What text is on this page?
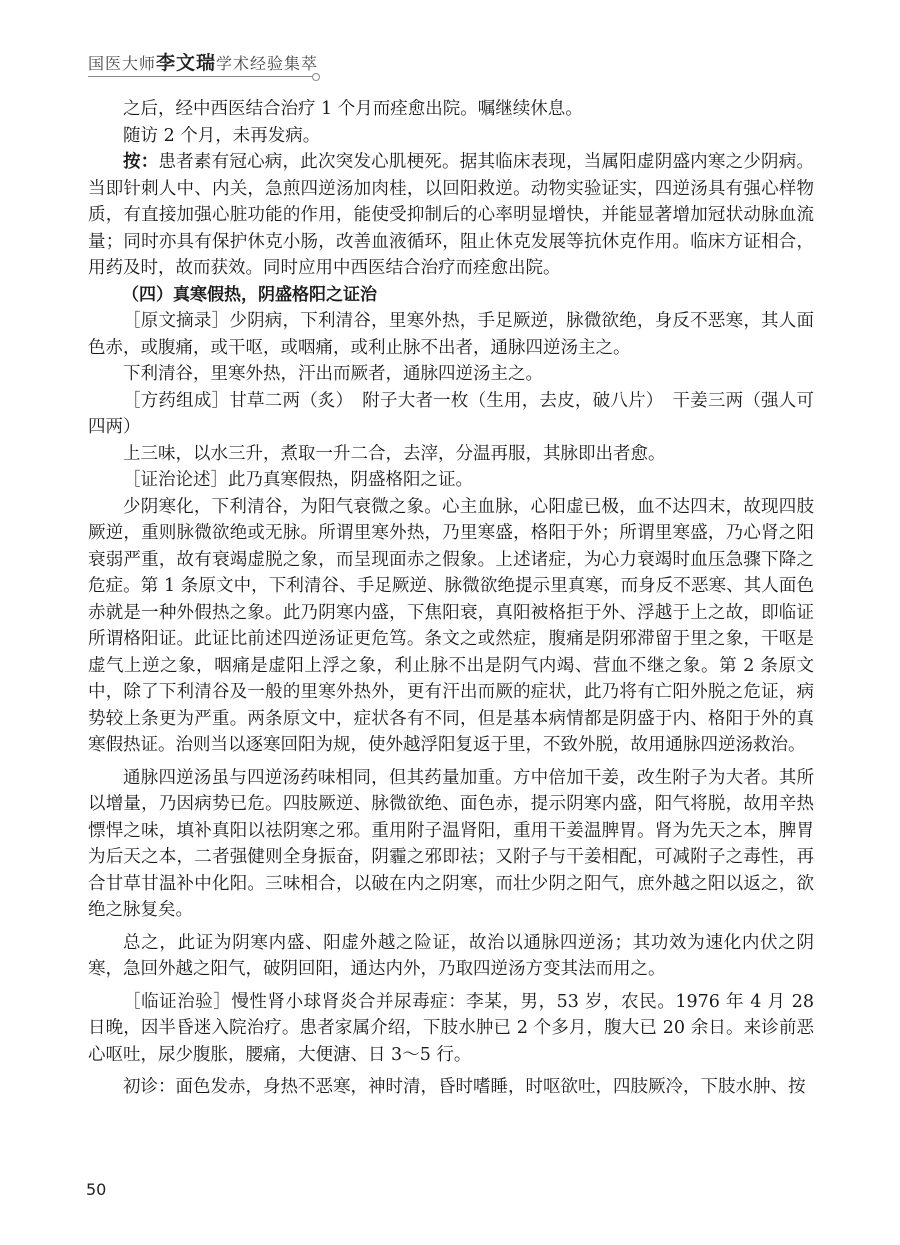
国医大师李文瑞学术经验集萃

之后，经中西医结合治疗 1 个月而痊愈出院。嘱继续休息。

随访 2 个月，未再发病。

按：患者素有冠心病，此次突发心肌梗死。据其临床表现，当属阳虚阴盛内寒之少阴病。当即针刺人中、内关，急煎四逆汤加肉桂，以回阳救逆。动物实验证实，四逆汤具有强心样物质，有直接加强心脏功能的作用，能使受抑制后的心率明显增快，并能显著增加冠状动脉血流量；同时亦具有保护休克小肠，改善血液循环，阻止休克发展等抗休克作用。临床方证相合，用药及时，故而获效。同时应用中西医结合治疗而痊愈出院。

（四）真寒假热，阴盛格阳之证治

［原文摘录］少阴病，下利清谷，里寒外热，手足厥逆，脉微欲绝，身反不恶寒，其人面色赤，或腹痛，或干呕，或咽痛，或利止脉不出者，通脉四逆汤主之。

下利清谷，里寒外热，汗出而厥者，通脉四逆汤主之。

［方药组成］甘草二两（炙）　附子大者一枚（生用，去皮，破八片）　干姜三两（强人可四两）

上三味，以水三升，煮取一升二合，去滓，分温再服，其脉即出者愈。

［证治论述］此乃真寒假热，阴盛格阳之证。

少阴寒化，下利清谷，为阳气衰微之象。心主血脉，心阳虚已极，血不达四末，故现四肢厥逆，重则脉微欲绝或无脉。所谓里寒外热，乃里寒盛，格阳于外；所谓里寒盛，乃心肾之阳衰弱严重，故有衰竭虚脱之象，而呈现面赤之假象。上述诸症，为心力衰竭时血压急骤下降之危症。第 1 条原文中，下利清谷、手足厥逆、脉微欲绝提示里真寒，而身反不恶寒、其人面色赤就是一种外假热之象。此乃阴寒内盛，下焦阳衰，真阳被格拒于外、浮越于上之故，即临证所谓格阳证。此证比前述四逆汤证更危笃。条文之或然症，腹痛是阴邪滞留于里之象，干呕是虚气上逆之象，咽痛是虚阳上浮之象，利止脉不出是阴气内竭、营血不继之象。第 2 条原文中，除了下利清谷及一般的里寒外热外，更有汗出而厥的症状，此乃将有亡阳外脱之危证，病势较上条更为严重。两条原文中，症状各有不同，但是基本病情都是阴盛于内、格阳于外的真寒假热证。治则当以逐寒回阳为规，使外越浮阳复返于里，不致外脱，故用通脉四逆汤救治。

通脉四逆汤虽与四逆汤药味相同，但其药量加重。方中倍加干姜，改生附子为大者。其所以增量，乃因病势已危。四肢厥逆、脉微欲绝、面色赤，提示阴寒内盛，阳气将脱，故用辛热慓悍之味，填补真阳以祛阴寒之邪。重用附子温肾阳，重用干姜温脾胃。肾为先天之本，脾胃为后天之本，二者强健则全身振奋，阴霾之邪即祛；又附子与干姜相配，可减附子之毒性，再合甘草甘温补中化阳。三味相合，以破在内之阴寒，而壮少阴之阳气，庶外越之阳以返之，欲绝之脉复矣。

总之，此证为阴寒内盛、阳虚外越之险证，故治以通脉四逆汤；其功效为速化内伏之阴寒，急回外越之阳气，破阴回阳，通达内外，乃取四逆汤方变其法而用之。

［临证治验］慢性肾小球肾炎合并尿毒症：李某，男，53 岁，农民。1976 年 4 月 28 日晚，因半昏迷入院治疗。患者家属介绍，下肢水肿已 2 个多月，腹大已 20 余日。来诊前恶心呕吐，尿少腹胀，腰痛，大便溏、日 3～5 行。

初诊：面色发赤，身热不恶寒，神时清，昏时嗜睡，时呕欲吐，四肢厥冷，下肢水肿、按

50
